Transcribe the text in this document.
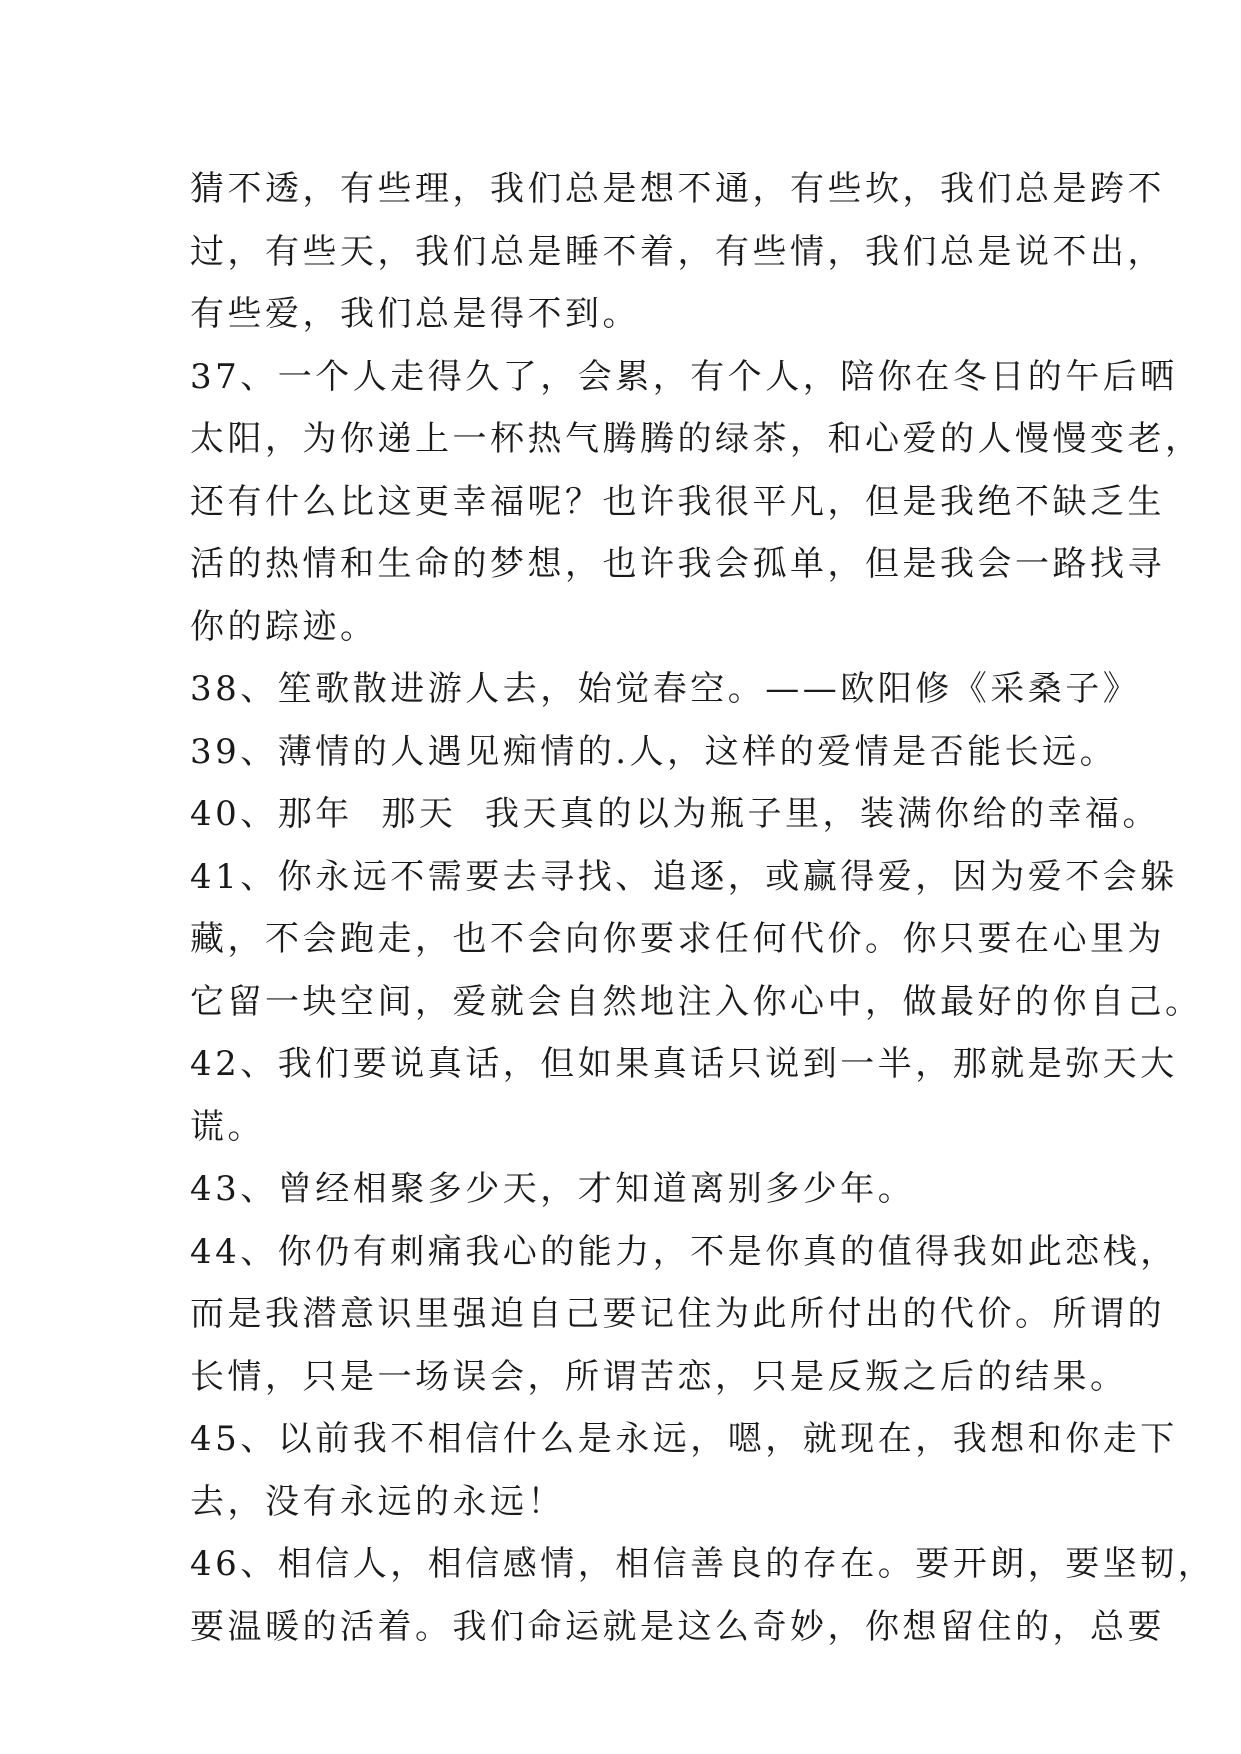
猜不透，有些理，我们总是想不通，有些坎，我们总是跨不
过，有些天，我们总是睡不着，有些情，我们总是说不出，
有些爱，我们总是得不到。
37、一个人走得久了，会累，有个人，陪你在冬日的午后晒
太阳，为你递上一杯热气腾腾的绿茶，和心爱的人慢慢变老，
还有什么比这更幸福呢？也许我很平凡，但是我绝不缺乏生
活的热情和生命的梦想，也许我会孤单，但是我会一路找寻
你的踪迹。
38、笙歌散进游人去，始觉春空。——欧阳修《采桑子》
39、薄情的人遇见痴情的.人，这样的爱情是否能长远。
40、那年  那天  我天真的以为瓶子里，装满你给的幸福。
41、你永远不需要去寻找、追逐，或赢得爱，因为爱不会躲
藏，不会跑走，也不会向你要求任何代价。你只要在心里为
它留一块空间，爱就会自然地注入你心中，做最好的你自己。
42、我们要说真话，但如果真话只说到一半，那就是弥天大
谎。
43、曾经相聚多少天，才知道离别多少年。
44、你仍有刺痛我心的能力，不是你真的值得我如此恋栈，
而是我潜意识里强迫自己要记住为此所付出的代价。所谓的
长情，只是一场误会，所谓苦恋，只是反叛之后的结果。
45、以前我不相信什么是永远，嗯，就现在，我想和你走下
去，没有永远的永远！
46、相信人，相信感情，相信善良的存在。要开朗，要坚韧，
要温暖的活着。我们命运就是这么奇妙，你想留住的，总要
